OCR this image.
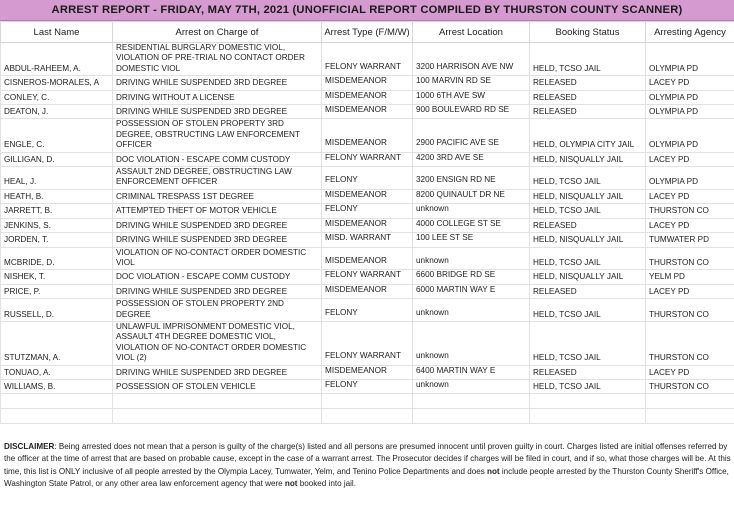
ARREST REPORT - FRIDAY, MAY 7TH, 2021 (UNOFFICIAL REPORT COMPILED BY THURSTON COUNTY SCANNER)
Last Name	Arrest on Charge of	Arrest Type (F/M/W)	Arrest Location	Booking Status	Arresting Agency
ABDUL-RAHEEM, A.	RESIDENTIAL BURGLARY DOMESTIC VIOL, VIOLATION OF PRE-TRIAL NO CONTACT ORDER DOMESTIC VIOL	FELONY WARRANT	3200 HARRISON AVE NW	HELD, TCSO JAIL	OLYMPIA PD
CISNEROS-MORALES, A	DRIVING WHILE SUSPENDED 3RD DEGREE	MISDEMEANOR	100 MARVIN RD SE	RELEASED	LACEY PD
CONLEY, C.	DRIVING WITHOUT A LICENSE	MISDEMEANOR	1000 6TH AVE SW	RELEASED	OLYMPIA PD
DEATON, J.	DRIVING WHILE SUSPENDED 3RD DEGREE	MISDEMEANOR	900 BOULEVARD RD SE	RELEASED	OLYMPIA PD
ENGLE, C.	POSSESSION OF STOLEN PROPERTY 3RD DEGREE, OBSTRUCTING LAW ENFORCEMENT OFFICER	MISDEMEANOR	2900 PACIFIC AVE SE	HELD, OLYMPIA CITY JAIL	OLYMPIA PD
GILLIGAN, D.	DOC VIOLATION - ESCAPE COMM CUSTODY	FELONY WARRANT	4200 3RD AVE SE	HELD, NISQUALLY JAIL	LACEY PD
HEAL, J.	ASSAULT 2ND DEGREE, OBSTRUCTING LAW ENFORCEMENT OFFICER	FELONY	3200 ENSIGN RD NE	HELD, TCSO JAIL	OLYMPIA PD
HEATH, B.	CRIMINAL TRESPASS 1ST DEGREE	MISDEMEANOR	8200 QUINAULT DR NE	HELD, NISQUALLY JAIL	LACEY PD
JARRETT, B.	ATTEMPTED THEFT OF MOTOR VEHICLE	FELONY	unknown	HELD, TCSO JAIL	THURSTON CO
JENKINS, S.	DRIVING WHILE SUSPENDED 3RD DEGREE	MISDEMEANOR	4000 COLLEGE ST SE	RELEASED	LACEY PD
JORDEN, T.	DRIVING WHILE SUSPENDED 3RD DEGREE	MISD. WARRANT	100 LEE ST SE	HELD, NISQUALLY JAIL	TUMWATER PD
MCBRIDE, D.	VIOLATION OF NO-CONTACT ORDER DOMESTIC VIOL	MISDEMEANOR	unknown	HELD, TCSO JAIL	THURSTON CO
NISHEK, T.	DOC VIOLATION - ESCAPE COMM CUSTODY	FELONY WARRANT	6600 BRIDGE RD SE	HELD, NISQUALLY JAIL	YELM PD
PRICE, P.	DRIVING WHILE SUSPENDED 3RD DEGREE	MISDEMEANOR	6000 MARTIN WAY E	RELEASED	LACEY PD
RUSSELL, D.	POSSESSION OF STOLEN PROPERTY 2ND DEGREE	FELONY	unknown	HELD, TCSO JAIL	THURSTON CO
STUTZMAN, A.	UNLAWFUL IMPRISONMENT DOMESTIC VIOL, ASSAULT 4TH DEGREE DOMESTIC VIOL, VIOLATION OF NO-CONTACT ORDER DOMESTIC VIOL (2)	FELONY WARRANT	unknown	HELD, TCSO JAIL	THURSTON CO
TONUAO, A.	DRIVING WHILE SUSPENDED 3RD DEGREE	MISDEMEANOR	6400 MARTIN WAY E	RELEASED	LACEY PD
WILLIAMS, B.	POSSESSION OF STOLEN VEHICLE	FELONY	unknown	HELD, TCSO JAIL	THURSTON CO

DISCLAIMER: Being arrested does not mean that a person is guilty of the charge(s) listed and all persons are presumed innocent until proven guilty in court. Charges listed are initial offenses referred by the officer at the time of arrest that are based on probable cause, except in the case of a warrant arrest. The Prosecutor decides if charges will be filed in court, and if so, what those charges will be. At this time, this list is ONLY inclusive of all people arrested by the Olympia Lacey, Tumwater, Yelm, and Tenino Police Departments and does not include people arrested by the Thurston County Sheriff's Office, Washington State Patrol, or any other area law enforcement agency that were not booked into jail.
